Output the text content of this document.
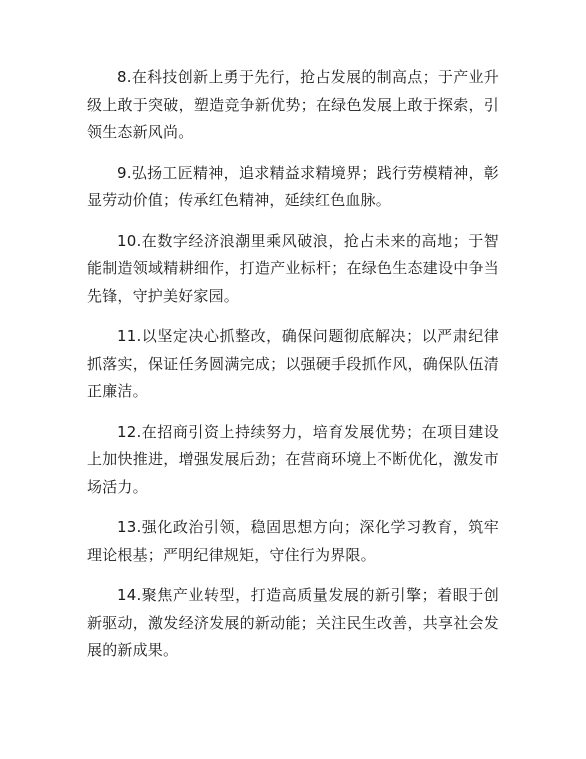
8.在科技创新上勇于先行，抢占发展的制高点；于产业升级上敢于突破，塑造竞争新优势；在绿色发展上敢于探索，引领生态新风尚。

9.弘扬工匠精神，追求精益求精境界；践行劳模精神，彰显劳动价值；传承红色精神，延续红色血脉。

10.在数字经济浪潮里乘风破浪，抢占未来的高地；于智能制造领域精耕细作，打造产业标杆；在绿色生态建设中争当先锋，守护美好家园。

11.以坚定决心抓整改，确保问题彻底解决；以严肃纪律抓落实，保证任务圆满完成；以强硬手段抓作风，确保队伍清正廉洁。

12.在招商引资上持续努力，培育发展优势；在项目建设上加快推进，增强发展后劲；在营商环境上不断优化，激发市场活力。

13.强化政治引领，稳固思想方向；深化学习教育，筑牢理论根基；严明纪律规矩，守住行为界限。

14.聚焦产业转型，打造高质量发展的新引擎；着眼于创新驱动，激发经济发展的新动能；关注民生改善，共享社会发展的新成果。
